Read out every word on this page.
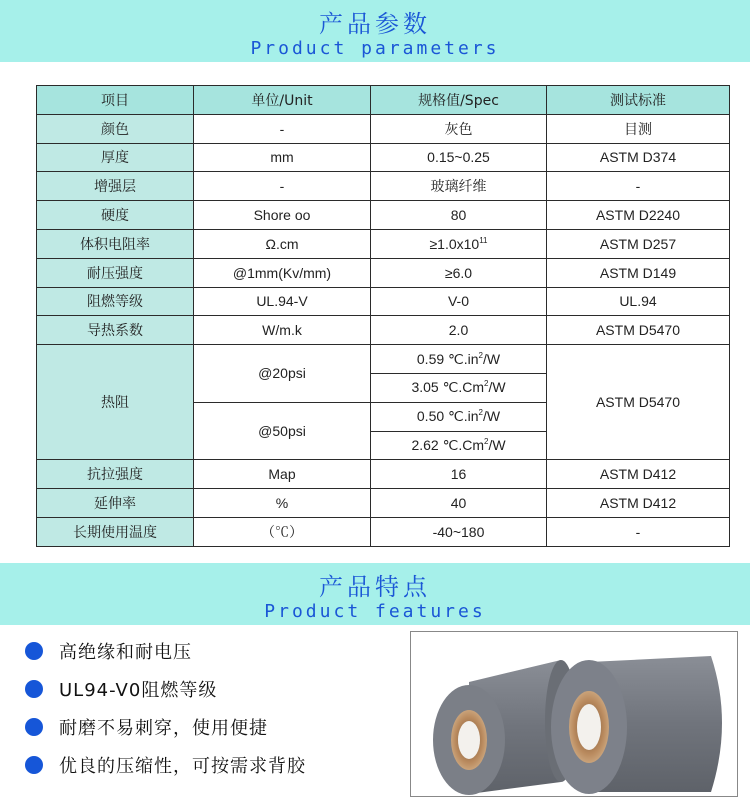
产品参数
Product parameters
项目	单位/Unit	规格值/Spec	测试标准
颜色	-	灰色	目测
厚度	mm	0.15~0.25	ASTM D374
增强层	-	玻璃纤维	-
硬度	Shore oo	80	ASTM D2240
体积电阻率	Ω.cm	$\ge 1.0x10^{11}$	ASTM D257
耐压强度	@1mm(Kv/mm)	≥6.0	ASTM D149
阻燃等级	UL.94-V	V-0	UL.94
导热系数	W/m.k	2.0	ASTM D5470
热阻	@20psi	0.59 $℃.in^2/W$	ASTM D5470
		3.05 ℃.Cm$^2$/W	
	@50psi	0.50 $℃.in^2/W$	
		2.62 ℃.Cm$^2$/W	
抗拉强度	Map	16	ASTM D412
延伸率	%	40	ASTM D412
长期使用温度	（℃）	-40~180	-
产品特点
Product features
高绝缘和耐电压
UL94-V0阻燃等级
耐磨不易刺穿，使用便捷
优良的压缩性，可按需求背胶
